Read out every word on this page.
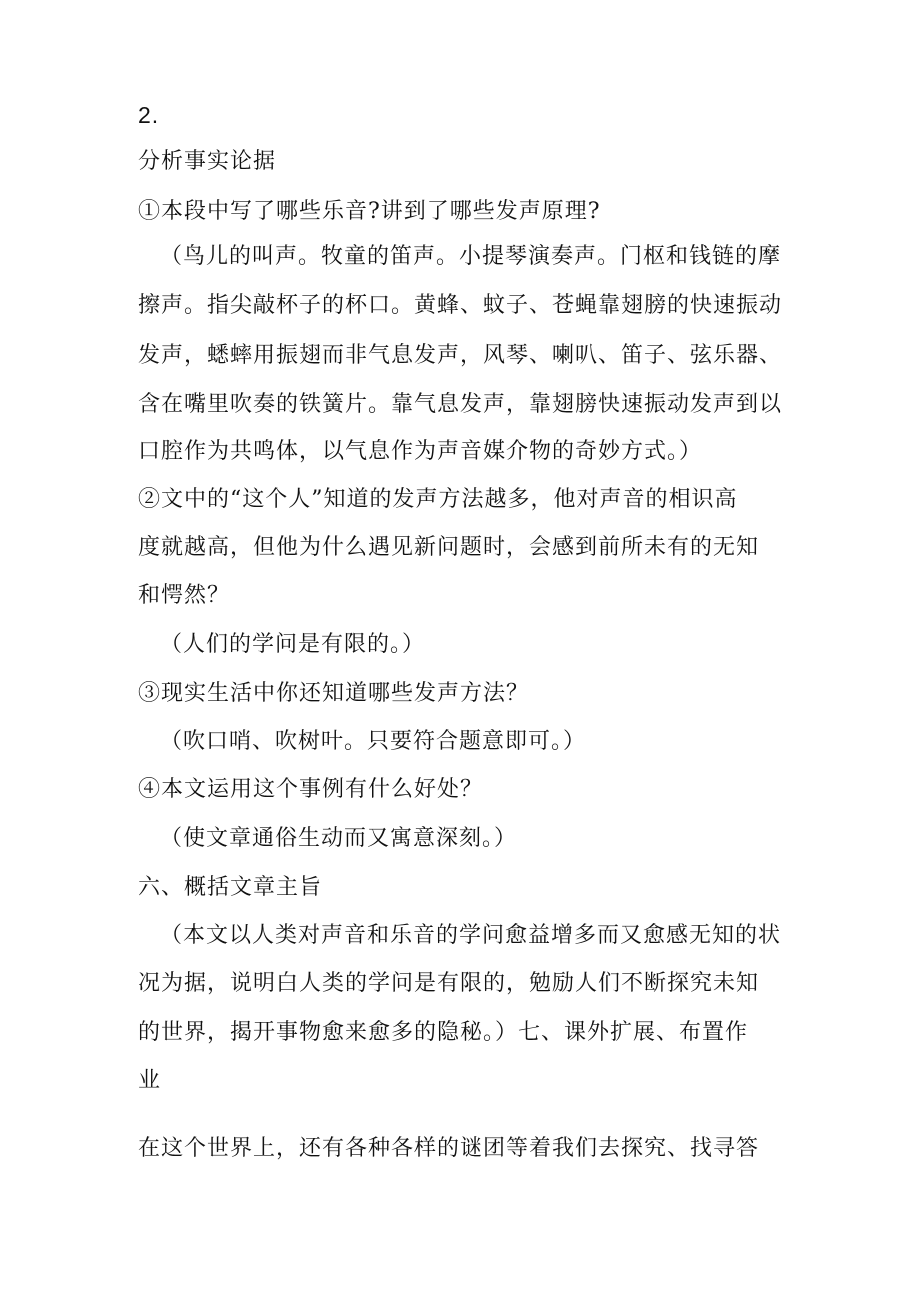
2.
分析事实论据
①本段中写了哪些乐音?讲到了哪些发声原理?
（鸟儿的叫声。牧童的笛声。小提琴演奏声。门枢和钱链的摩
擦声。指尖敲杯子的杯口。黄蜂、蚊子、苍蝇靠翅膀的快速振动
发声，蟋蟀用振翅而非气息发声，风琴、喇叭、笛子、弦乐器、
含在嘴里吹奏的铁簧片。靠气息发声，靠翅膀快速振动发声到以
口腔作为共鸣体，以气息作为声音媒介物的奇妙方式。）
②文中的“这个人”知道的发声方法越多，他对声音的相识高
度就越高，但他为什么遇见新问题时，会感到前所未有的无知
和愕然？
（人们的学问是有限的。）
③现实生活中你还知道哪些发声方法？
（吹口哨、吹树叶。只要符合题意即可。）
④本文运用这个事例有什么好处？
（使文章通俗生动而又寓意深刻。）
六、概括文章主旨
（本文以人类对声音和乐音的学问愈益增多而又愈感无知的状
况为据，说明白人类的学问是有限的，勉励人们不断探究未知
的世界，揭开事物愈来愈多的隐秘。）七、课外扩展、布置作
业
在这个世界上，还有各种各样的谜团等着我们去探究、找寻答
